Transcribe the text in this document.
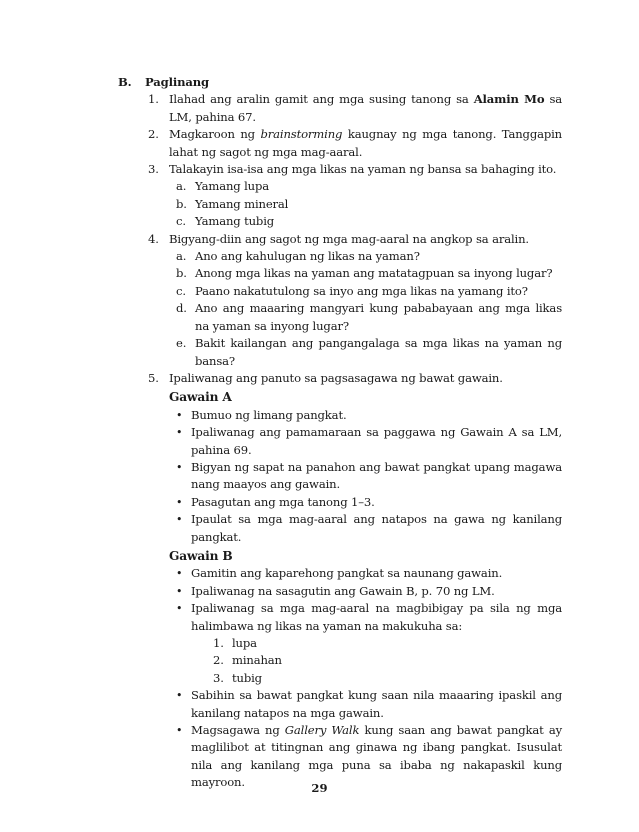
B. Paglinang
1. Ilahad ang aralin gamit ang mga susing tanong sa Alamin Mo sa LM, pahina 67.
2. Magkaroon ng brainstorming kaugnay ng mga tanong. Tanggapin lahat ng sagot ng mga mag-aaral.
3. Talakayin isa-isa ang mga likas na yaman ng bansa sa bahaging ito.
a. Yamang lupa
b. Yamang mineral
c. Yamang tubig
4. Bigyang-diin ang sagot ng mga mag-aaral na angkop sa aralin.
a. Ano ang kahulugan ng likas na yaman?
b. Anong mga likas na yaman ang matatagpuan sa inyong lugar?
c. Paano nakatutulong sa inyo ang mga likas na yamang ito?
d. Ano ang maaaring mangyari kung pababayaan ang mga likas na yaman sa inyong lugar?
e. Bakit kailangan ang pangangalaga sa mga likas na yaman ng bansa?
5. Ipaliwanag ang panuto sa pagsasagawa ng bawat gawain.
Gawain A
• Bumuo ng limang pangkat.
• Ipaliwanag ang pamamaraan sa paggawa ng Gawain A sa LM, pahina 69.
• Bigyan ng sapat na panahon ang bawat pangkat upang magawa nang maayos ang gawain.
• Pasagutan ang mga tanong 1–3.
• Ipaulat sa mga mag-aaral ang natapos na gawa ng kanilang pangkat.
Gawain B
• Gamitin ang kaparehong pangkat sa naunang gawain.
• Ipaliwanag na sasagutin ang Gawain B, p. 70 ng LM.
• Ipaliwanag sa mga mag-aaral na magbibigay pa sila ng mga halimbawa ng likas na yaman na makukuha sa:
1. lupa
2. minahan
3. tubig
• Sabihin sa bawat pangkat kung saan nila maaaring ipaskil ang kanilang natapos na mga gawain.
• Magsagawa ng Gallery Walk kung saan ang bawat pangkat ay maglilibot at titingnan ang ginawa ng ibang pangkat. Isusulat nila ang kanilang mga puna sa ibaba ng nakapaskil kung mayroon.	29
